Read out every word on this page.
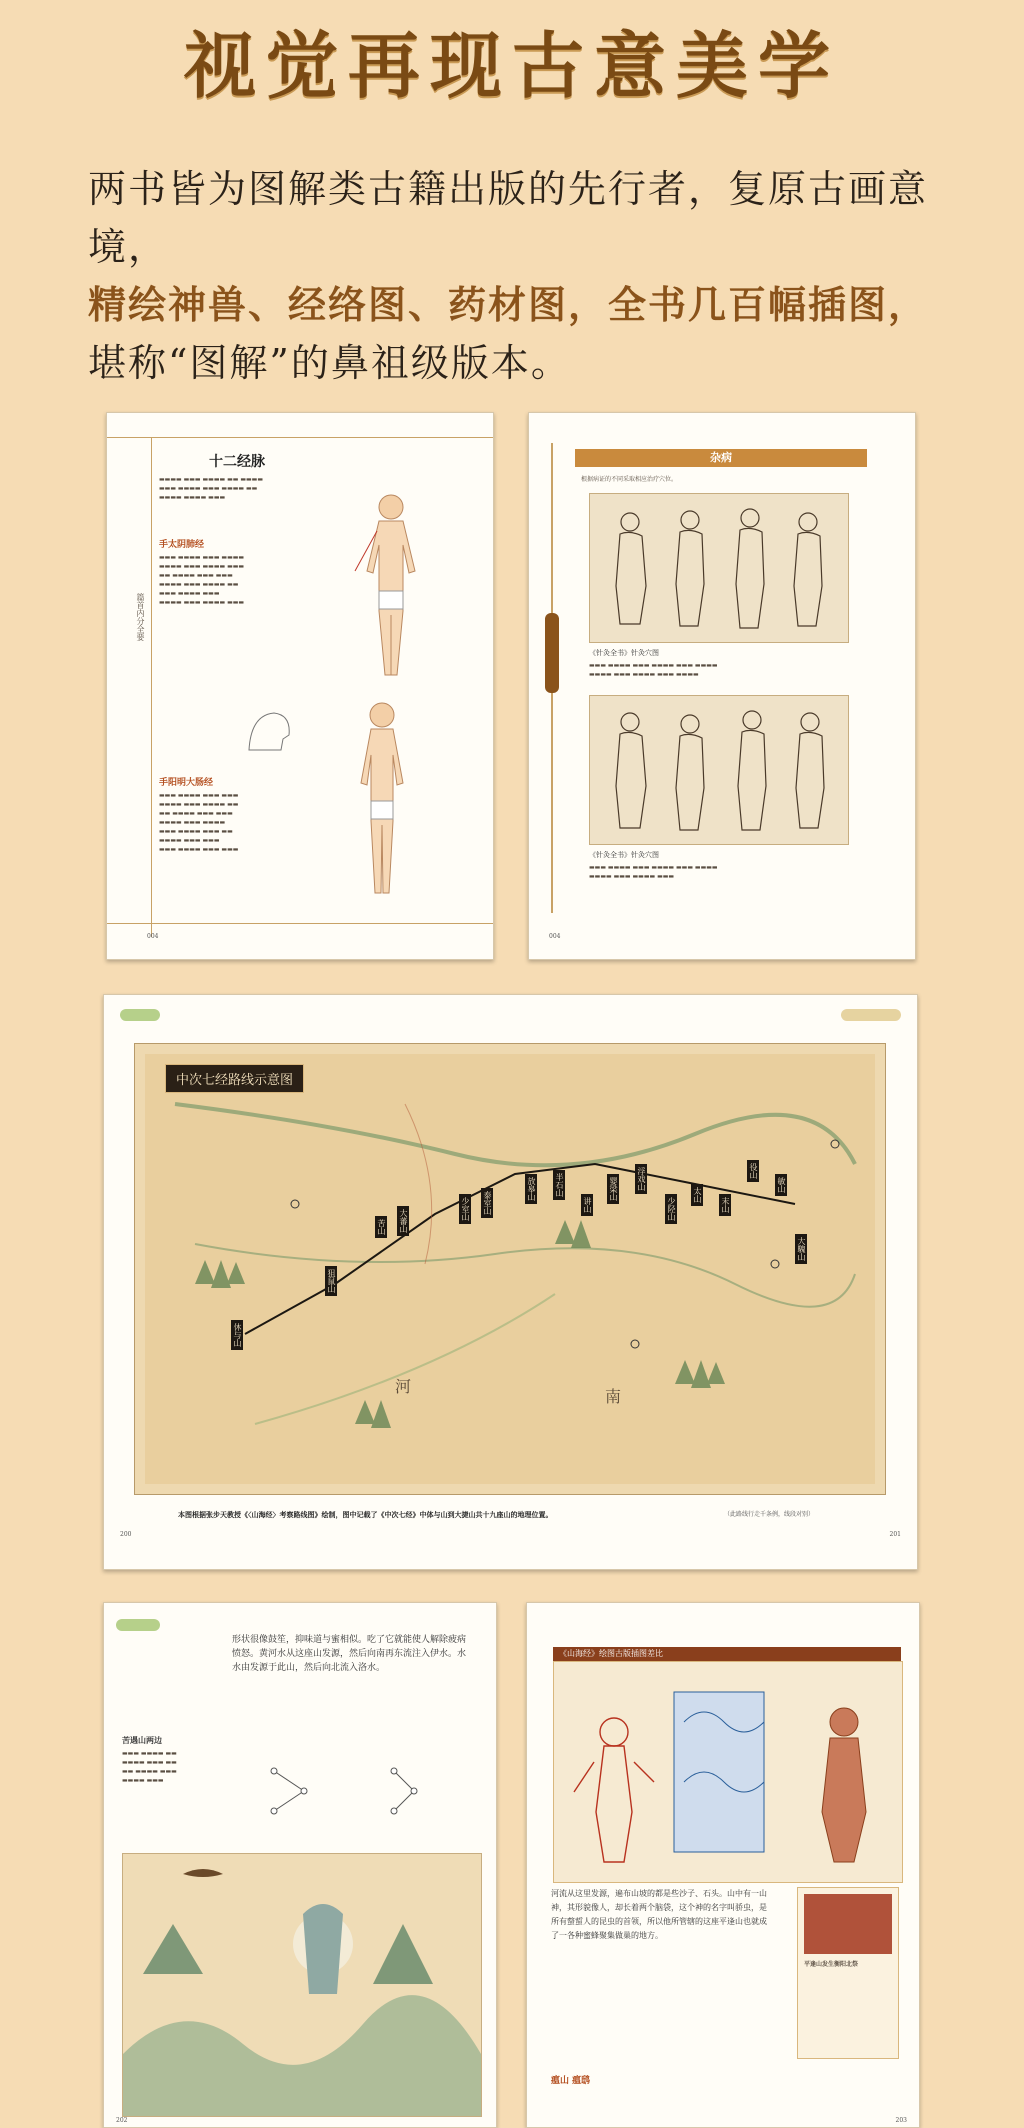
视觉再现古意美学
两书皆为图解类古籍出版的先行者，复原古画意境，
精绘神兽、经络图、药材图，全书几百幅插图，
堪称“图解”的鼻祖级版本。
十二经脉
篇首内分全要
▬▬▬▬ ▬▬▬ ▬▬▬▬ ▬▬ ▬▬▬▬
▬▬▬ ▬▬▬▬ ▬▬▬ ▬▬▬▬ ▬▬
▬▬▬▬ ▬▬▬▬ ▬▬▬
手太阴肺经
▬▬▬ ▬▬▬▬ ▬▬▬ ▬▬▬▬
▬▬▬▬ ▬▬▬ ▬▬▬▬ ▬▬▬
▬▬ ▬▬▬▬ ▬▬▬ ▬▬▬
▬▬▬▬ ▬▬▬ ▬▬▬▬ ▬▬
▬▬▬ ▬▬▬▬ ▬▬▬
▬▬▬▬ ▬▬▬ ▬▬▬▬ ▬▬▬
手阳明大肠经
▬▬▬ ▬▬▬▬ ▬▬▬ ▬▬▬
▬▬▬▬ ▬▬▬ ▬▬▬▬ ▬▬
▬▬ ▬▬▬▬ ▬▬▬ ▬▬▬
▬▬▬▬ ▬▬▬ ▬▬▬▬
▬▬▬ ▬▬▬▬ ▬▬▬ ▬▬
▬▬▬▬ ▬▬▬ ▬▬▬
▬▬▬ ▬▬▬▬ ▬▬▬ ▬▬▬
004
杂病
根据病证的不同采取相应治疗穴位。
《针灸全书》针灸穴图
▬▬▬ ▬▬▬▬ ▬▬▬ ▬▬▬▬ ▬▬▬ ▬▬▬▬
▬▬▬▬ ▬▬▬ ▬▬▬▬ ▬▬▬ ▬▬▬▬
《针灸全书》针灸穴图
▬▬▬ ▬▬▬▬ ▬▬▬ ▬▬▬▬ ▬▬▬ ▬▬▬▬
▬▬▬▬ ▬▬▬ ▬▬▬▬ ▬▬▬
004
中次七经路线示意图
河
南
休与山
狙鼠山
苦山 大蕃山	少室山 泰室山
放皋山 半石山
讲山
婴梁山 浮戏山
少陉山
太山
末山
役山
敏山
大騩山
本图根据张步天教授《〈山海经〉考察路线图》绘制，图中记载了《中次七经》中体与山到大捷山共十九座山的地理位置。	（此路线行走千条例，线段对别）
200	201
形状很像鼓笙，抑味道与蜜相似。吃了它就能使人解除疲病愤怒。黄河水从这座山发源，然后向南再东流注入伊水。水水由发源于此山，然后向北流入洛水。
苦遇山两边
▬▬▬ ▬▬▬▬ ▬▬
▬▬▬▬ ▬▬▬ ▬▬
▬▬ ▬▬▬▬ ▬▬▬
▬▬▬▬ ▬▬▬
202
《山海经》绘图古版插图差比
河流从这里发源，遍布山坡的都是些沙子、石头。山中有一山神，其形貌像人，却长着两个脑袋，这个神的名字叫骄虫，是所有螫蜇人的昆虫的首领，所以他所管辖的这座平逢山也就成了一各种蜜蜂聚集做巢的地方。
平逢山发生衡阳北祭
瘟山 瘟鸱
203
